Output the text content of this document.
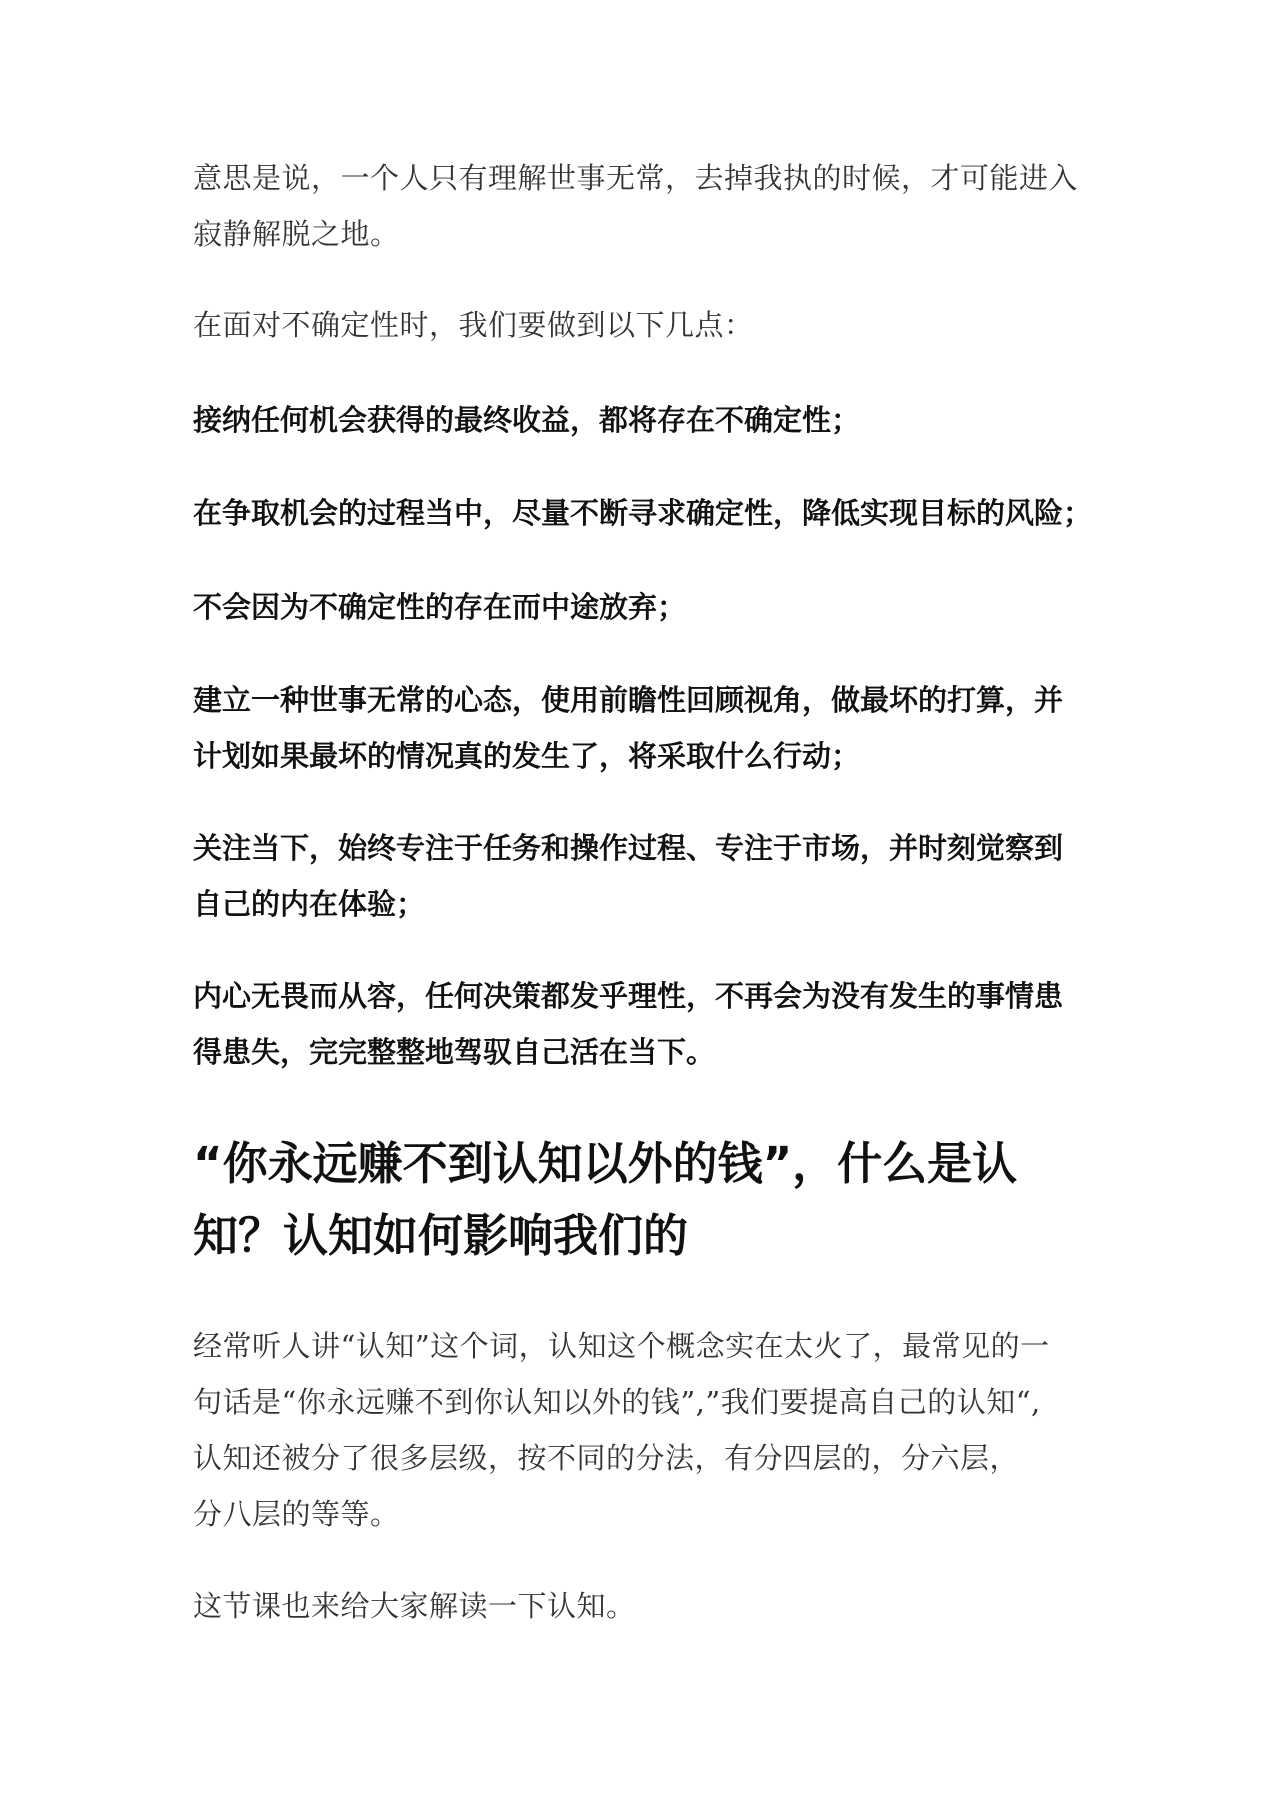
意思是说，一个人只有理解世事无常，去掉我执的时候，才可能进入
寂静解脱之地。

在面对不确定性时，我们要做到以下几点：

接纳任何机会获得的最终收益，都将存在不确定性；

在争取机会的过程当中，尽量不断寻求确定性，降低实现目标的风险；

不会因为不确定性的存在而中途放弃；

建立一种世事无常的心态，使用前瞻性回顾视角，做最坏的打算，并
计划如果最坏的情况真的发生了，将采取什么行动；

关注当下，始终专注于任务和操作过程、专注于市场，并时刻觉察到
自己的内在体验；

内心无畏而从容，任何决策都发乎理性，不再会为没有发生的事情患
得患失，完完整整地驾驭自己活在当下。

“你永远赚不到认知以外的钱”，什么是认
知？认知如何影响我们的

经常听人讲“认知”这个词，认知这个概念实在太火了，最常见的一
句话是“你永远赚不到你认知以外的钱”,”我们要提高自己的认知“,
认知还被分了很多层级，按不同的分法，有分四层的，分六层，
分八层的等等。

这节课也来给大家解读一下认知。
